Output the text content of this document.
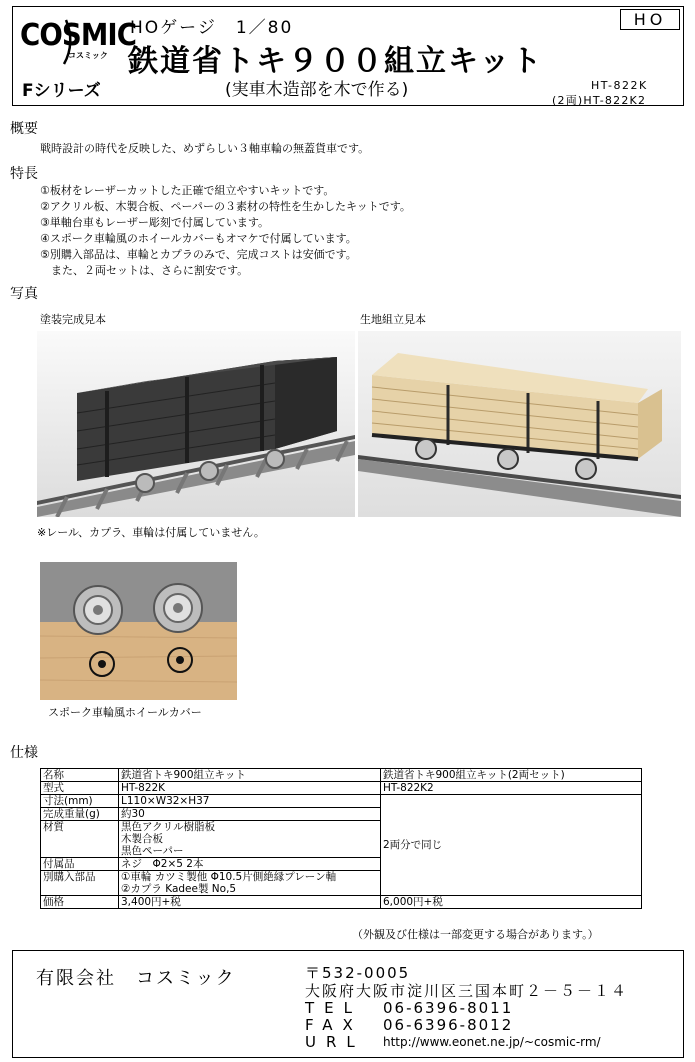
COSMIC
コスミック
Fシリーズ
HOゲージ　1／80
鉄道省トキ９００組立キット
(実車木造部を木で作る)
HO
HT-822K
(2両)HT-822K2
概要
戦時設計の時代を反映した、めずらしい３軸車輪の無蓋貨車です。
特長
①板材をレーザーカットした正確で組立やすいキットです。
②アクリル板、木製合板、ペーパーの３素材の特性を生かしたキットです。
③単軸台車もレーザー彫刻で付属しています。
④スポーク車輪風のホイールカバーもオマケで付属しています。
⑤別購入部品は、車輪とカプラのみで、完成コストは安価です。
　また、２両セットは、さらに割安です。
写真
塗装完成見本	生地組立見本
※レール、カプラ、車輪は付属していません。
スポーク車輪風ホイールカバー
仕様
名称	鉄道省トキ900組立キット	鉄道省トキ900組立キット(2両セット)
型式	HT-822K	HT-822K2
寸法(mm)	L110×W32×H37	2両分で同じ
完成重量(g)	約30	
材質	黒色アクリル樹脂板
木製合板
黒色ペーパー	

付属品	ネジ　Φ2×5 2本	
別購入部品	①車輪 カツミ製他 Φ10.5片側絶縁プレーン軸
②カプラ Kadee製 No,5	

価格	3,400円+税	6,000円+税
（外観及び仕様は一部変更する場合があります。）
有限会社　コスミック	〒532-0005
大阪府大阪市淀川区三国本町２－５－１４
TEL 06-6396-8011
FAX 06-6396-8012
URL http://www.eonet.ne.jp/~cosmic-rm/
